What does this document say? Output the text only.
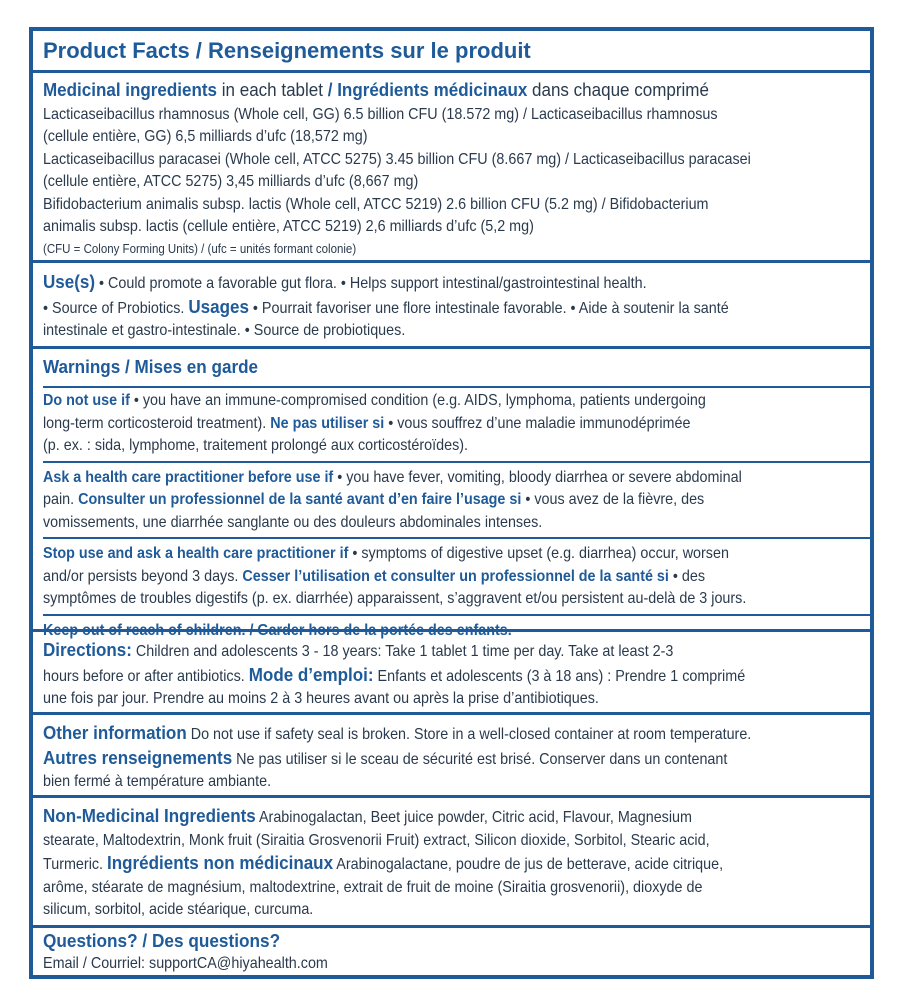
Product Facts / Renseignements sur le produit
Medicinal ingredients in each tablet / Ingrédients médicinaux dans chaque comprimé
Lacticaseibacillus rhamnosus (Whole cell, GG) 6.5 billion CFU (18.572 mg) / Lacticaseibacillus rhamnosus
(cellule entière, GG) 6,5 milliards d’ufc (18,572 mg)
Lacticaseibacillus paracasei (Whole cell, ATCC 5275) 3.45 billion CFU (8.667 mg) / Lacticaseibacillus paracasei
(cellule entière, ATCC 5275) 3,45 milliards d’ufc (8,667 mg)
Bifidobacterium animalis subsp. lactis (Whole cell, ATCC 5219) 2.6 billion CFU (5.2 mg) / Bifidobacterium
animalis subsp. lactis (cellule entière, ATCC 5219) 2,6 milliards d’ufc (5,2 mg)
(CFU = Colony Forming Units) / (ufc = unités formant colonie)
Use(s) • Could promote a favorable gut flora. • Helps support intestinal/gastrointestinal health.
• Source of Probiotics. Usages • Pourrait favoriser une flore intestinale favorable. • Aide à soutenir la santé
intestinale et gastro-intestinale. • Source de probiotiques.
Warnings / Mises en garde
Do not use if • you have an immune-compromised condition (e.g. AIDS, lymphoma, patients undergoing
long-term corticosteroid treatment). Ne pas utiliser si • vous souffrez d’une maladie immunodéprimée
(p. ex. : sida, lymphome, traitement prolongé aux corticostéroïdes).
Ask a health care practitioner before use if • you have fever, vomiting, bloody diarrhea or severe abdominal
pain. Consulter un professionnel de la santé avant d’en faire l’usage si • vous avez de la fièvre, des
vomissements, une diarrhée sanglante ou des douleurs abdominales intenses.
Stop use and ask a health care practitioner if • symptoms of digestive upset (e.g. diarrhea) occur, worsen
and/or persists beyond 3 days. Cesser l’utilisation et consulter un professionnel de la santé si • des
symptômes de troubles digestifs (p. ex. diarrhée) apparaissent, s’aggravent et/ou persistent au-delà de 3 jours.
Keep out of reach of children. / Garder hors de la portée des enfants.
Directions: Children and adolescents 3 - 18 years: Take 1 tablet 1 time per day. Take at least 2-3
hours before or after antibiotics. Mode d’emploi: Enfants et adolescents (3 à 18 ans) : Prendre 1 comprimé
une fois par jour. Prendre au moins 2 à 3 heures avant ou après la prise d’antibiotiques.
Other information Do not use if safety seal is broken. Store in a well-closed container at room temperature.
Autres renseignements Ne pas utiliser si le sceau de sécurité est brisé. Conserver dans un contenant
bien fermé à température ambiante.
Non-Medicinal Ingredients Arabinogalactan, Beet juice powder, Citric acid, Flavour, Magnesium
stearate, Maltodextrin, Monk fruit (Siraitia Grosvenorii Fruit) extract, Silicon dioxide, Sorbitol, Stearic acid,
Turmeric. Ingrédients non médicinaux Arabinogalactane, poudre de jus de betterave, acide citrique,
arôme, stéarate de magnésium, maltodextrine, extrait de fruit de moine (Siraitia grosvenorii), dioxyde de
silicum, sorbitol, acide stéarique, curcuma.
Questions? / Des questions?
Email / Courriel: supportCA@hiyahealth.com
